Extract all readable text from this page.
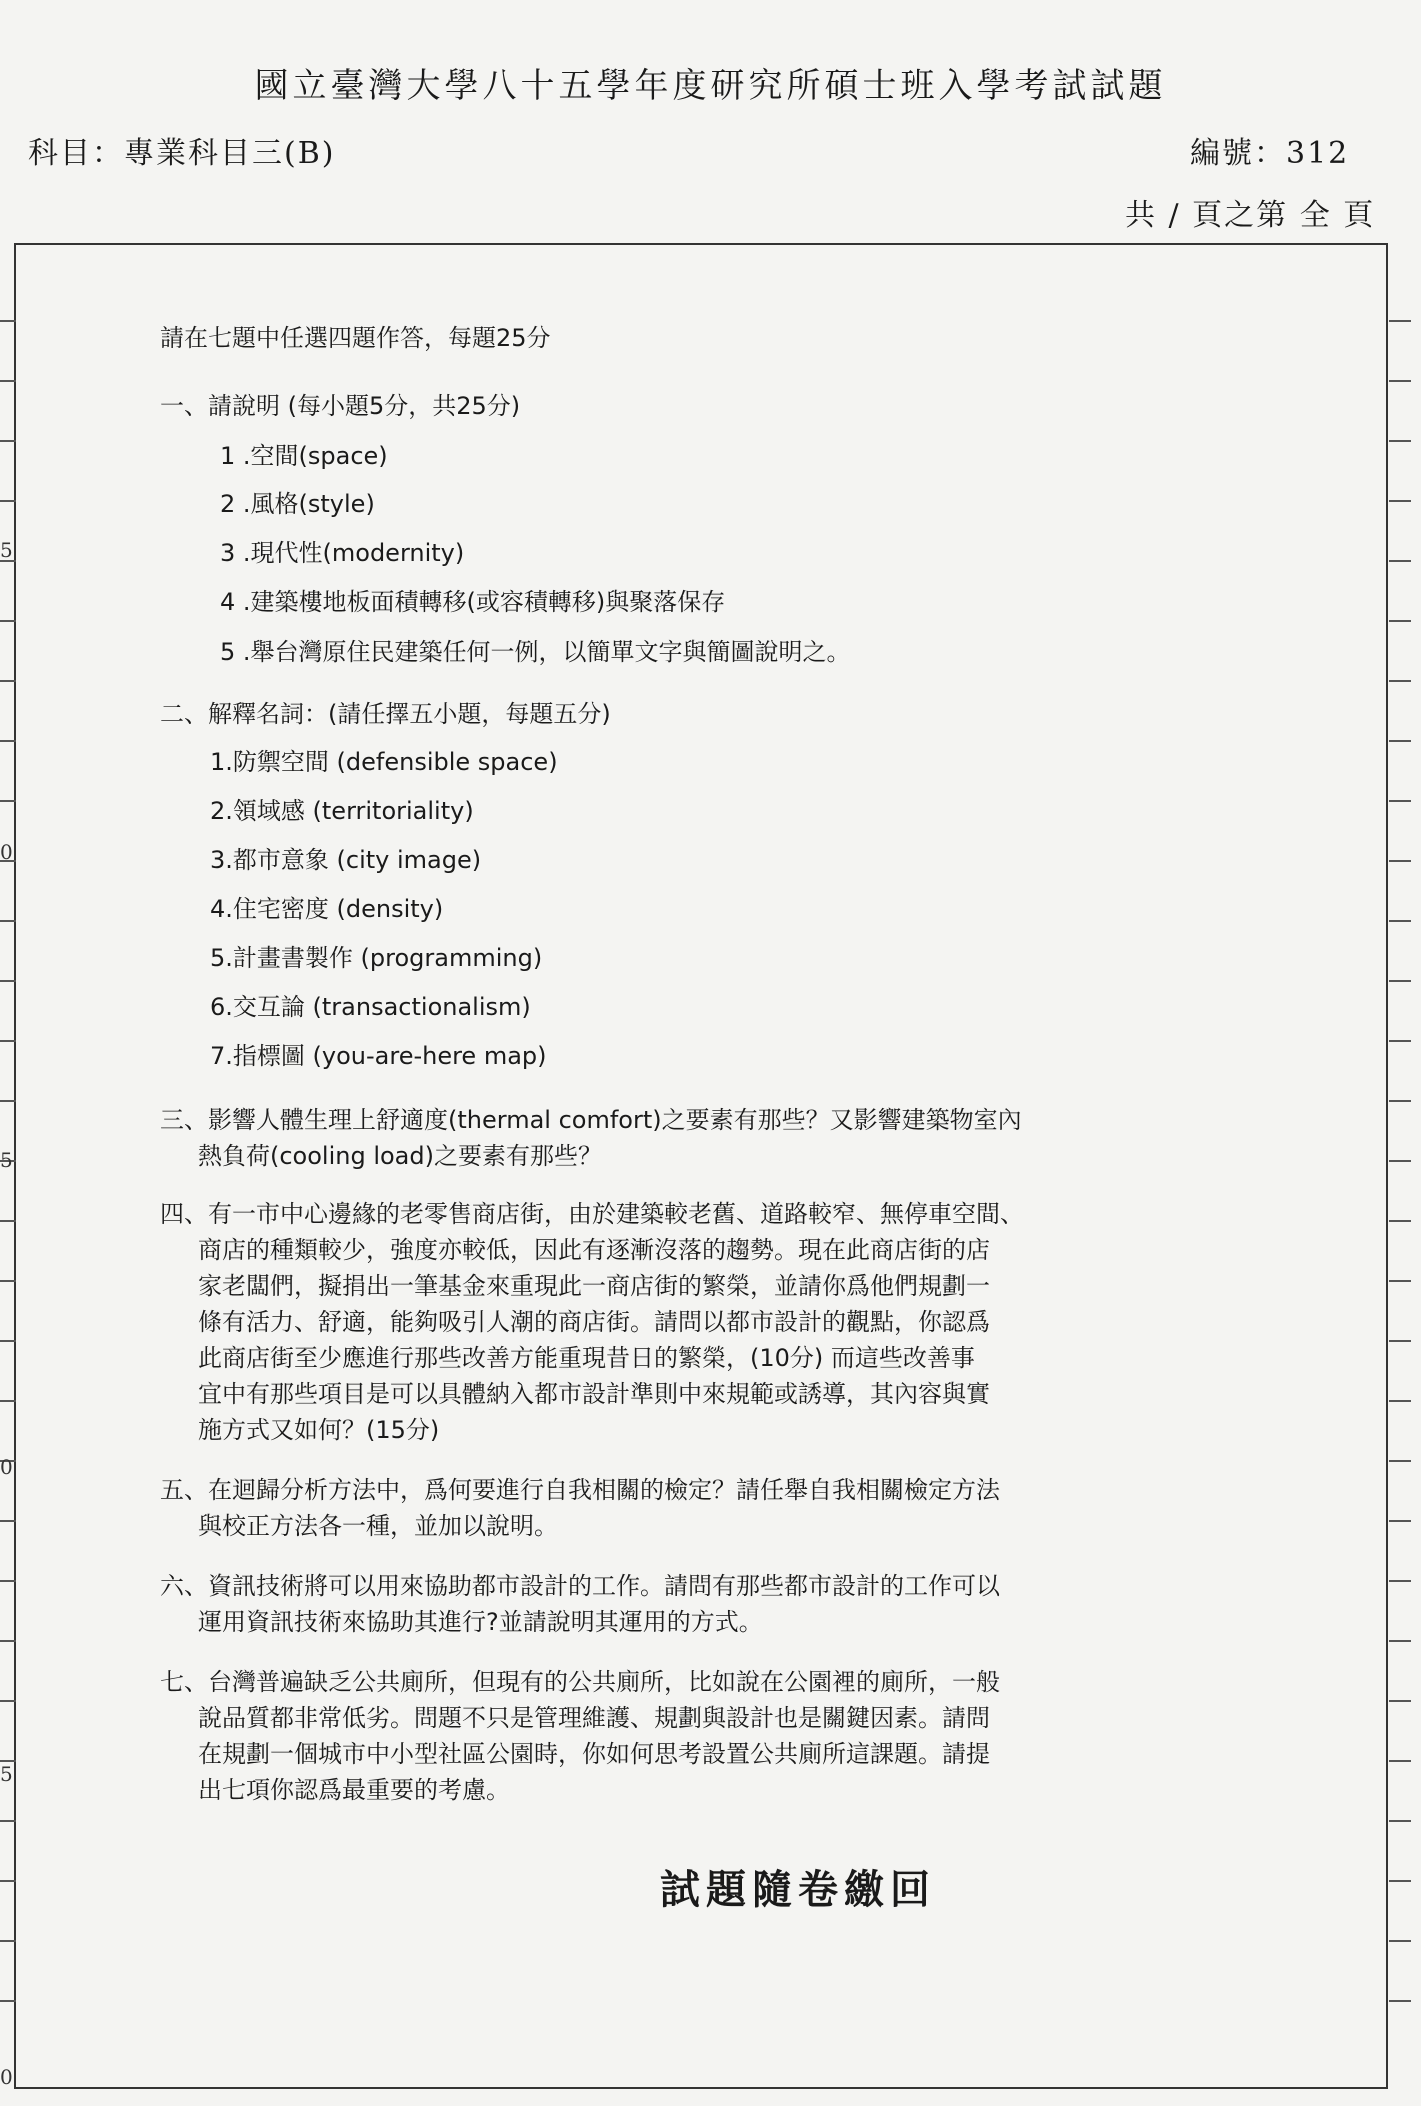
國立臺灣大學八十五學年度研究所碩士班入學考試試題
科目：專業科目三(B)	編號：312
共 / 頁之第 全 頁
5
0
5
0
5
0
請在七題中任選四題作答，每題25分
一、請說明 (每小題5分，共25分)
1 .空間(space)
2 .風格(style)
3 .現代性(modernity)
4 .建築樓地板面積轉移(或容積轉移)與聚落保存
5 .舉台灣原住民建築任何一例，以簡單文字與簡圖說明之。
二、解釋名詞：(請任擇五小題，每題五分)
1.防禦空間 (defensible space)
2.領域感 (territoriality)
3.都市意象 (city image)
4.住宅密度 (density)
5.計畫書製作 (programming)
6.交互論 (transactionalism)
7.指標圖 (you-are-here map)
三、影響人體生理上舒適度(thermal comfort)之要素有那些？又影響建築物室內
熱負荷(cooling load)之要素有那些？
四、有一市中心邊緣的老零售商店街，由於建築較老舊、道路較窄、無停車空間、
商店的種類較少，強度亦較低，因此有逐漸沒落的趨勢。現在此商店街的店
家老闆們，擬捐出一筆基金來重現此一商店街的繁榮，並請你爲他們規劃一
條有活力、舒適，能夠吸引人潮的商店街。請問以都市設計的觀點，你認爲
此商店街至少應進行那些改善方能重現昔日的繁榮，(10分) 而這些改善事
宜中有那些項目是可以具體納入都市設計準則中來規範或誘導，其內容與實
施方式又如何？(15分)
五、在迴歸分析方法中，爲何要進行自我相關的檢定？請任舉自我相關檢定方法
與校正方法各一種，並加以說明。
六、資訊技術將可以用來協助都市設計的工作。請問有那些都市設計的工作可以
運用資訊技術來協助其進行?並請說明其運用的方式。
七、台灣普遍缺乏公共廁所，但現有的公共廁所，比如說在公園裡的廁所，一般
說品質都非常低劣。問題不只是管理維護、規劃與設計也是關鍵因素。請問
在規劃一個城市中小型社區公園時，你如何思考設置公共廁所這課題。請提
出七項你認爲最重要的考慮。
試題隨卷繳回
